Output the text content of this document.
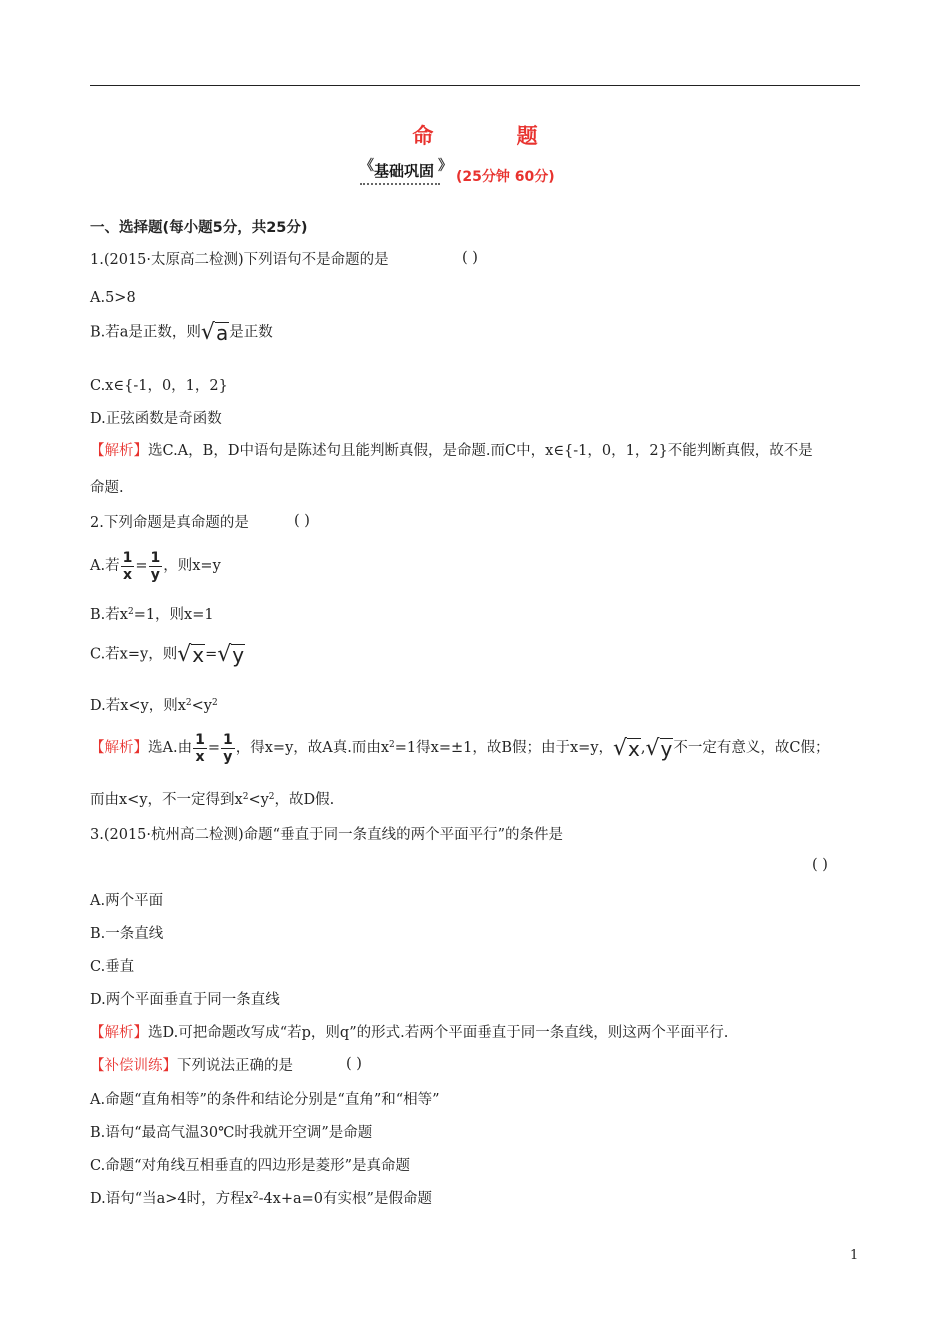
命 题
《 基础巩固 》
(25分钟 60分)
一、选择题(每小题5分，共25分)
1.(2015·太原高二检测)下列语句不是命题的是	( )
A.5>8
B.若a是正数，则 √ a 是正数
C.x∈{-1，0，1，2}
D.正弦函数是奇函数
【解析】选C.A，B，D中语句是陈述句且能判断真假，是命题.而C中，x∈{-1，0，1，2}不能判断真假，故不是
命题.
2.下列命题是真命题的是	( )
A.若 $\frac{1}{x} = \frac{1}{y}$ ，则x=y
B.若$x^2=1$，则x=1
C.若x=y，则 √ x = √ y
D.若x<y，则$x^2<y^2$
【解析】选A.由 $\frac{1}{x} = \frac{1}{y}$ ，得x=y，故A真.而由$x^2=1$得x=±1，故B假；由于x=y， √ x , √ y 不一定有意义，故C假；
而由x<y，不一定得到$x^2<y^2$，故D假.
3.(2015·杭州高二检测)命题“垂直于同一条直线的两个平面平行”的条件是
( )
A.两个平面
B.一条直线
C.垂直
D.两个平面垂直于同一条直线
【解析】选D.可把命题改写成“若p，则q”的形式.若两个平面垂直于同一条直线，则这两个平面平行.
【补偿训练】下列说法正确的是	( )
A.命题“直角相等”的条件和结论分别是“直角”和“相等”
B.语句“最高气温30℃时我就开空调”是命题
C.命题“对角线互相垂直的四边形是菱形”是真命题
D.语句“当a>4时，方程$x^2-4x+a=0$有实根”是假命题
1
